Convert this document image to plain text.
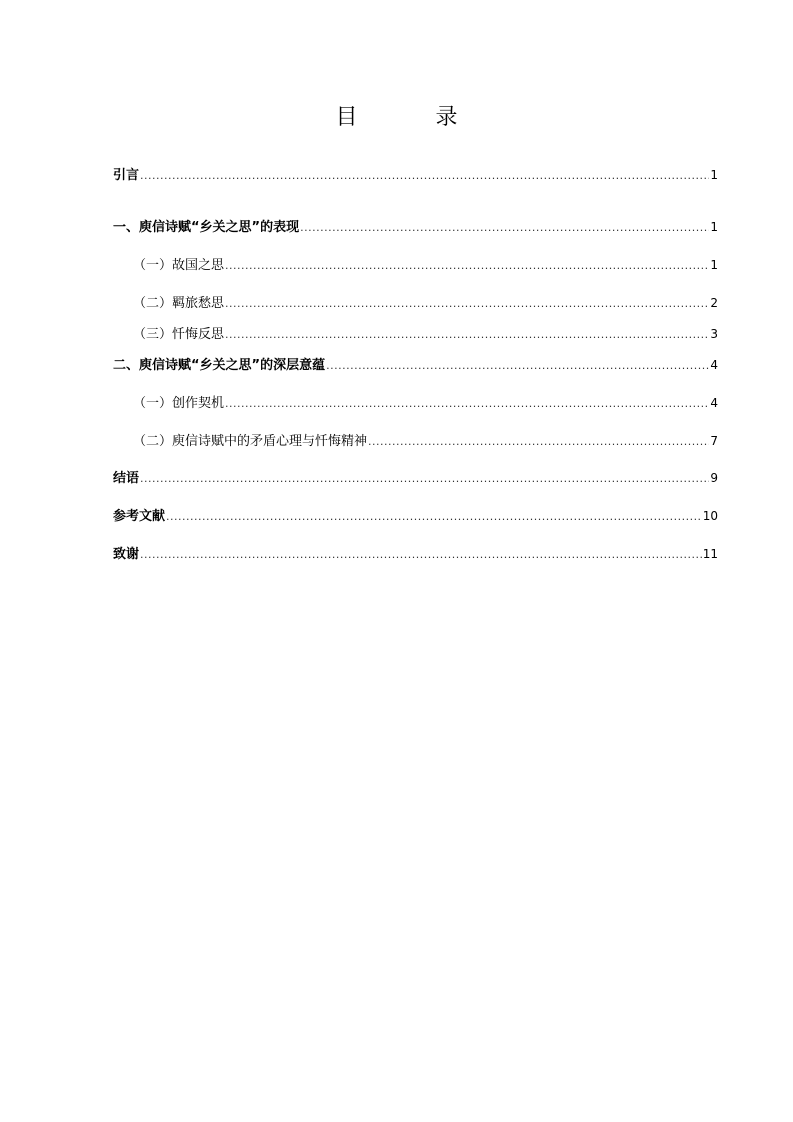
目　录
引言 .....	1
一、庾信诗赋“乡关之思”的表现 .....	1
（一）故国之思 .....	1
（二）羁旅愁思 .....	2
（三）忏悔反思 .....	3
二、庾信诗赋“乡关之思”的深层意蕴 .....	4
（一）创作契机 .....	4
（二）庾信诗赋中的矛盾心理与忏悔精神 .....	7
结语 .....	9
参考文献 .....	10
致谢 .....	11
